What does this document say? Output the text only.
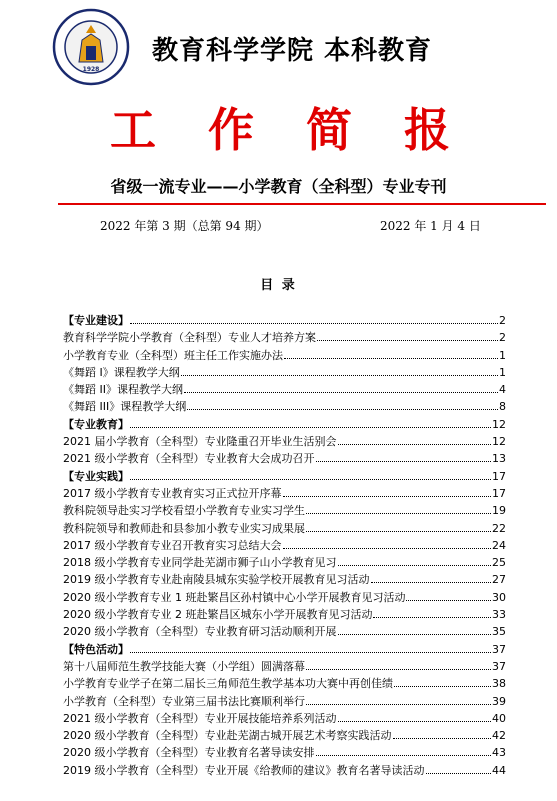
1928
教育科学学院 本科教育
工 作 简 报
省级一流专业——小学教育（全科型）专业专刊
2022 年第 3 期（总第 94 期）	2022 年 1 月 4 日
目 录
【专业建设】	2
教育科学学院小学教育（全科型）专业人才培养方案	2
小学教育专业（全科型）班主任工作实施办法	1
《舞蹈 I》课程教学大纲	1
《舞蹈 II》课程教学大纲	4
《舞蹈 III》课程教学大纲	8
【专业教育】	12
2021 届小学教育（全科型）专业隆重召开毕业生活别会	12
2021 级小学教育（全科型）专业教育大会成功召开	13
【专业实践】	17
2017 级小学教育专业教育实习正式拉开序幕	17
教科院领导赴实习学校看望小学教育专业实习学生	19
教科院领导和教师赴和县参加小教专业实习成果展	22
2017 级小学教育专业召开教育实习总结大会	24
2018 级小学教育专业同学赴芜湖市狮子山小学教育见习	25
2019 级小学教育专业赴南陵县城东实验学校开展教育见习活动	27
2020 级小学教育专业 1 班赴繁昌区孙村镇中心小学开展教育见习活动	30
2020 级小学教育专业 2 班赴繁昌区城东小学开展教育见习活动	33
2020 级小学教育（全科型）专业教育研习活动顺利开展	35
【特色活动】	37
第十八届师范生教学技能大赛（小学组）圆满落幕	37
小学教育专业学子在第二届长三角师范生教学基本功大赛中再创佳绩	38
小学教育（全科型）专业第三届书法比赛顺利举行	39
2021 级小学教育（全科型）专业开展技能培养系列活动	40
2020 级小学教育（全科型）专业赴芜湖古城开展艺术考察实践活动	42
2020 级小学教育（全科型）专业教育名著导读安排	43
2019 级小学教育（全科型）专业开展《给教师的建议》教育名著导读活动	44
